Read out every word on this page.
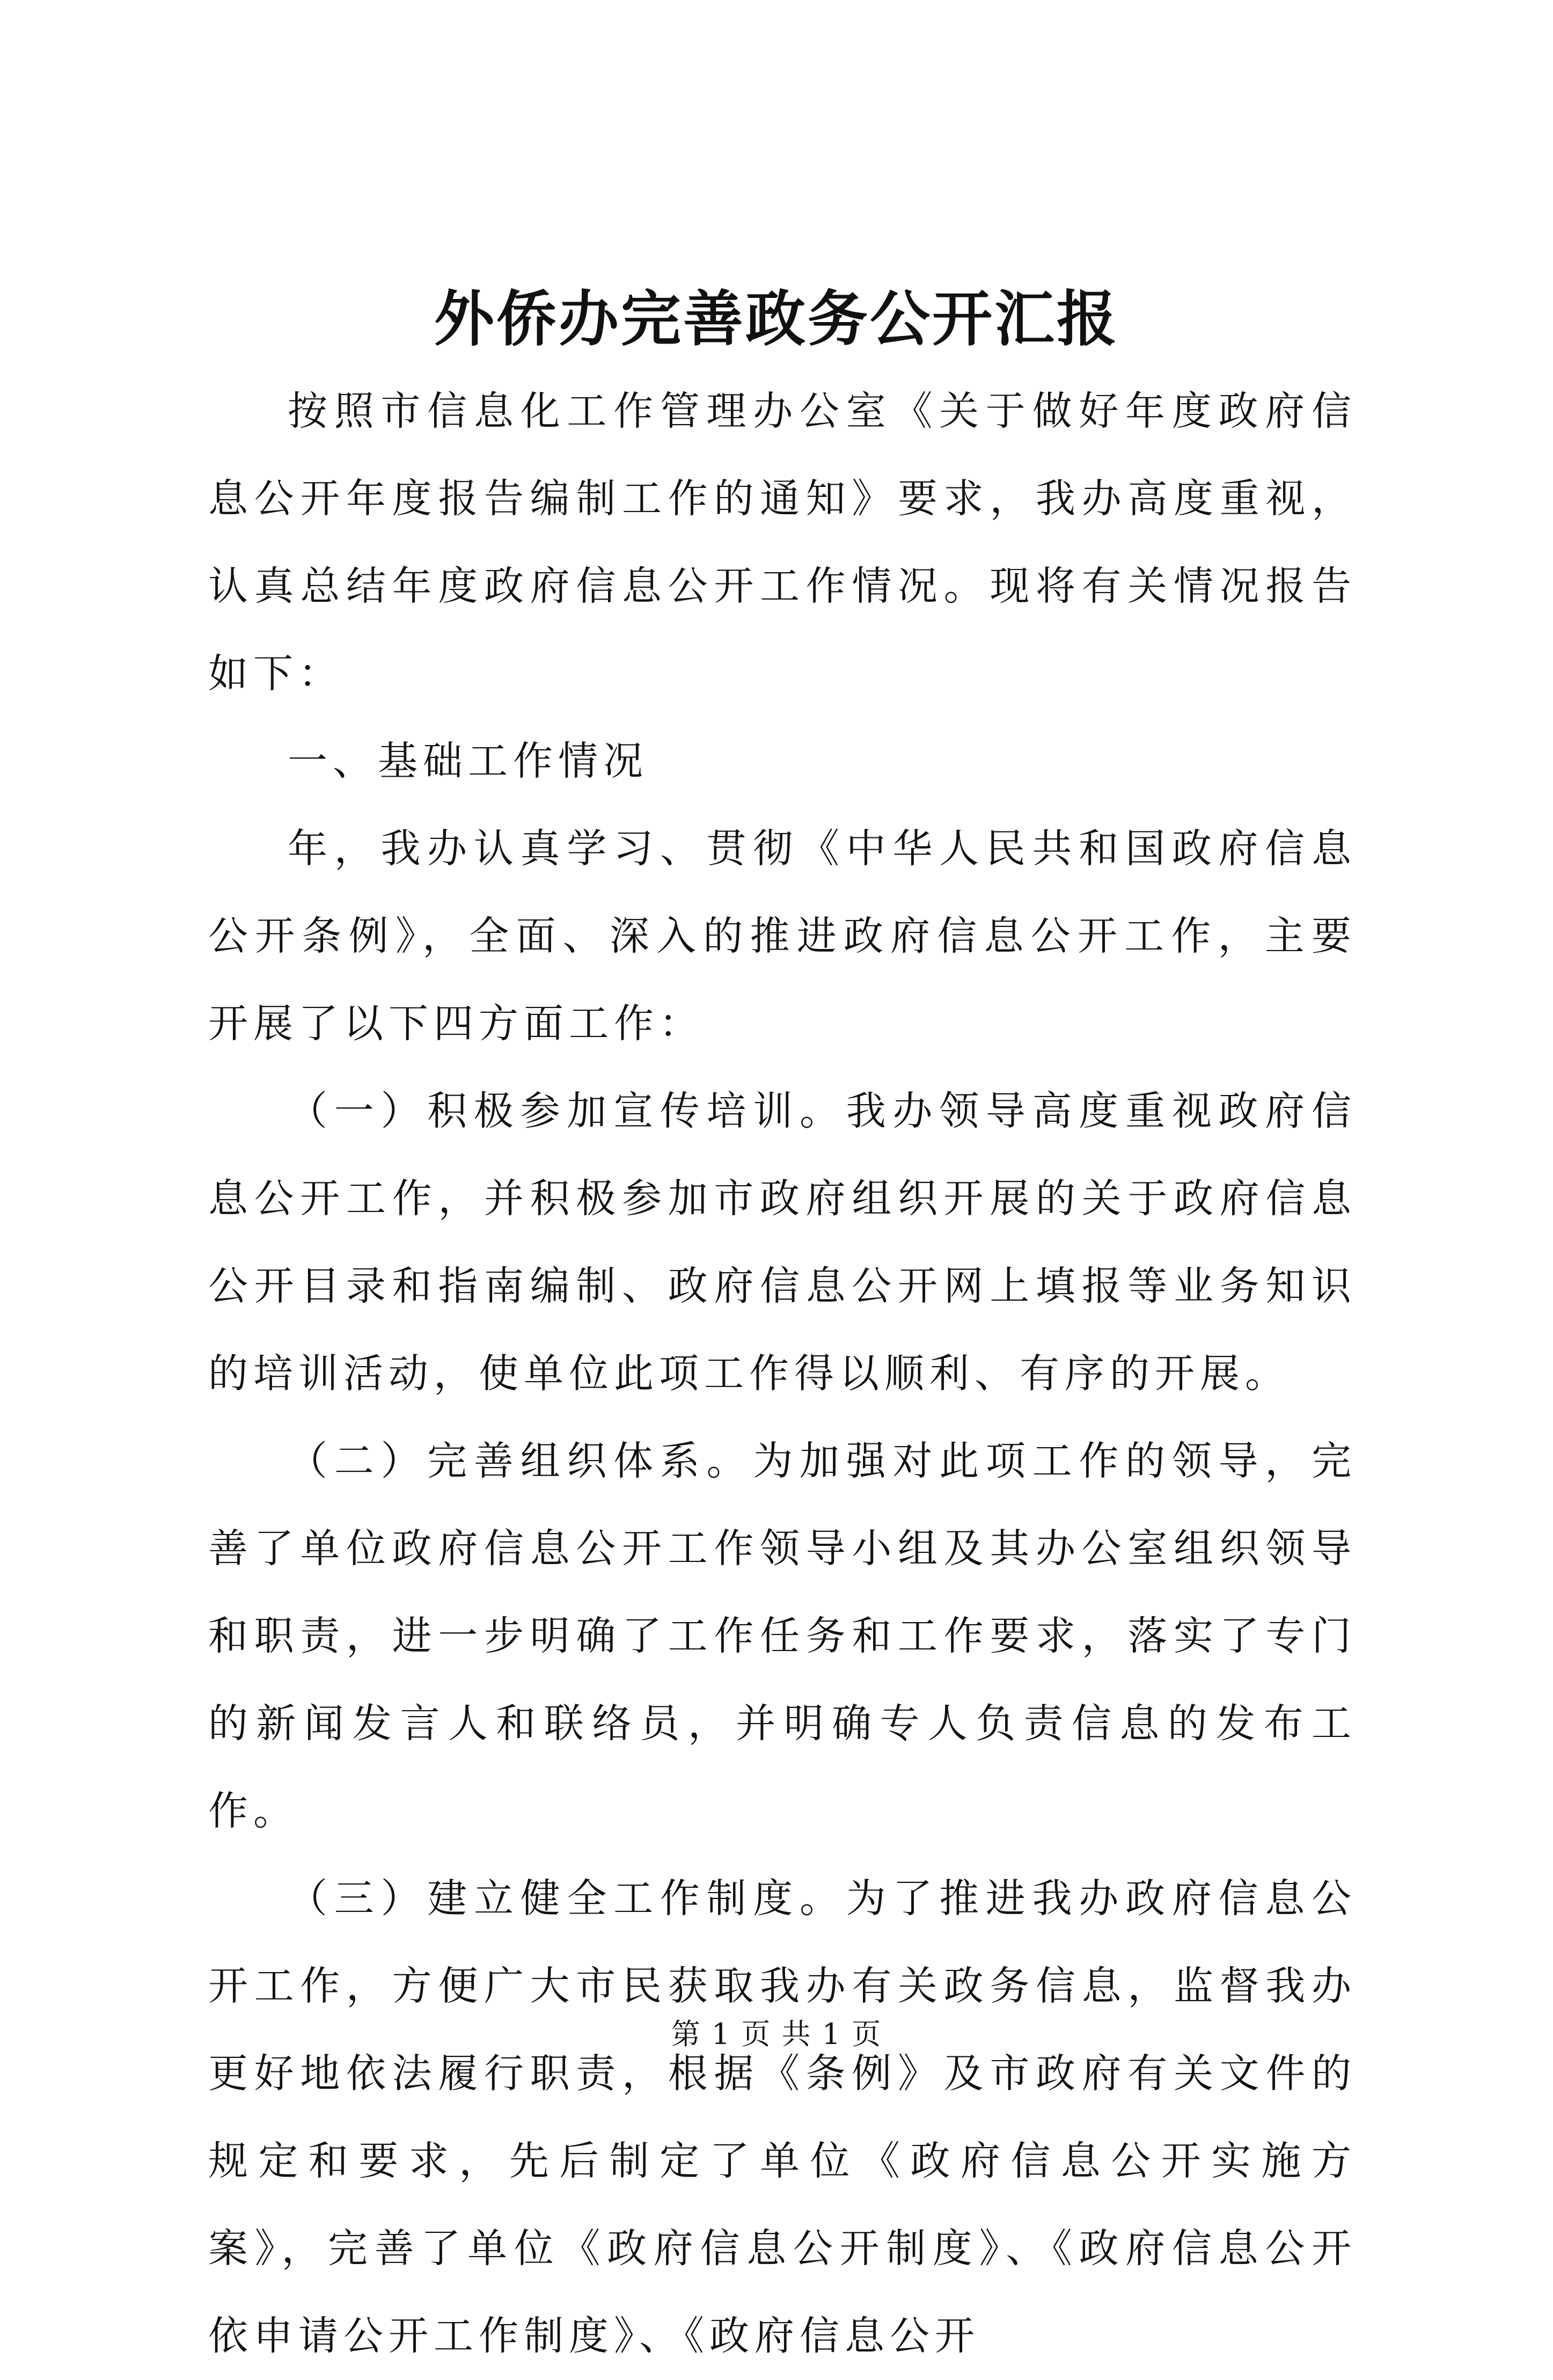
外侨办完善政务公开汇报

按照市信息化工作管理办公室《关于做好年度政府信息公开年度报告编制工作的通知》要求，我办高度重视，认真总结年度政府信息公开工作情况。现将有关情况报告如下：

一、基础工作情况

年，我办认真学习、贯彻《中华人民共和国政府信息公开条例》，全面、深入的推进政府信息公开工作，主要开展了以下四方面工作：

（一）积极参加宣传培训。我办领导高度重视政府信息公开工作，并积极参加市政府组织开展的关于政府信息公开目录和指南编制、政府信息公开网上填报等业务知识的培训活动，使单位此项工作得以顺利、有序的开展。

（二）完善组织体系。为加强对此项工作的领导，完善了单位政府信息公开工作领导小组及其办公室组织领导和职责，进一步明确了工作任务和工作要求，落实了专门的新闻发言人和联络员，并明确专人负责信息的发布工作。

（三）建立健全工作制度。为了推进我办政府信息公开工作，方便广大市民获取我办有关政务信息，监督我办更好地依法履行职责，根据《条例》及市政府有关文件的规定和要求，先后制定了单位《政府信息公开实施方案》，完善了单位《政府信息公开制度》、《政府信息公开依申请公开工作制度》、《政府信息公开

第 1 页 共 1 页
